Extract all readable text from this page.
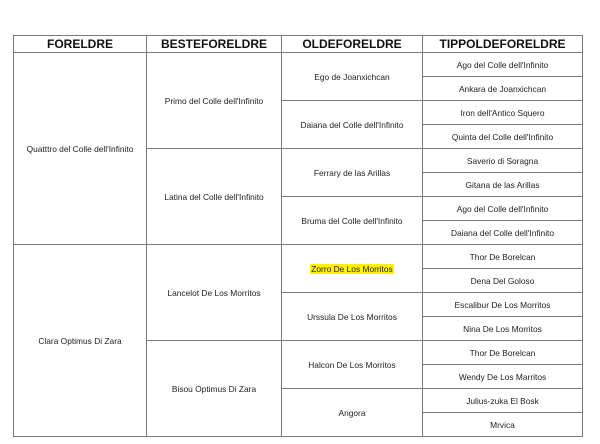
FORELDRE	BESTEFORELDRE	OLDEFORELDRE	TIPPOLDEFORELDRE
Quatttro del Colle dell'Infinito	Primo del Colle dell'Infinito	Ego de Joanxichcan	Ago del Colle dell'Infinito
			Ankara de Joanxichcan
		Daiana del Colle dell'Infinito	Iron dell'Antico Squero
			Quinta del Colle dell'Infinito
	Latina del Colle dell'Infinito	Ferrary de las Arillas	Saverio di Soragna
			Gitana de las Arillas
		Bruma del Colle dell'Infinito	Ago del Colle dell'Infinito
			Daiana del Colle dell'Infinito
Clara Optimus Di Zara	Lancelot De Los Morritos	Zorro De Los Morritos	Thor De Borelcan
			Dena Del Goloso
		Urssula De Los Morritos	Escalibur De Los Morritos
			Nina De Los Morritos
	Bisou Optimus Di Zara	Halcon De Los Morritos	Thor De Borelcan
			Wendy De Los Marritos
		Angora	Julius-zuka El Bosk
			Mrvica
